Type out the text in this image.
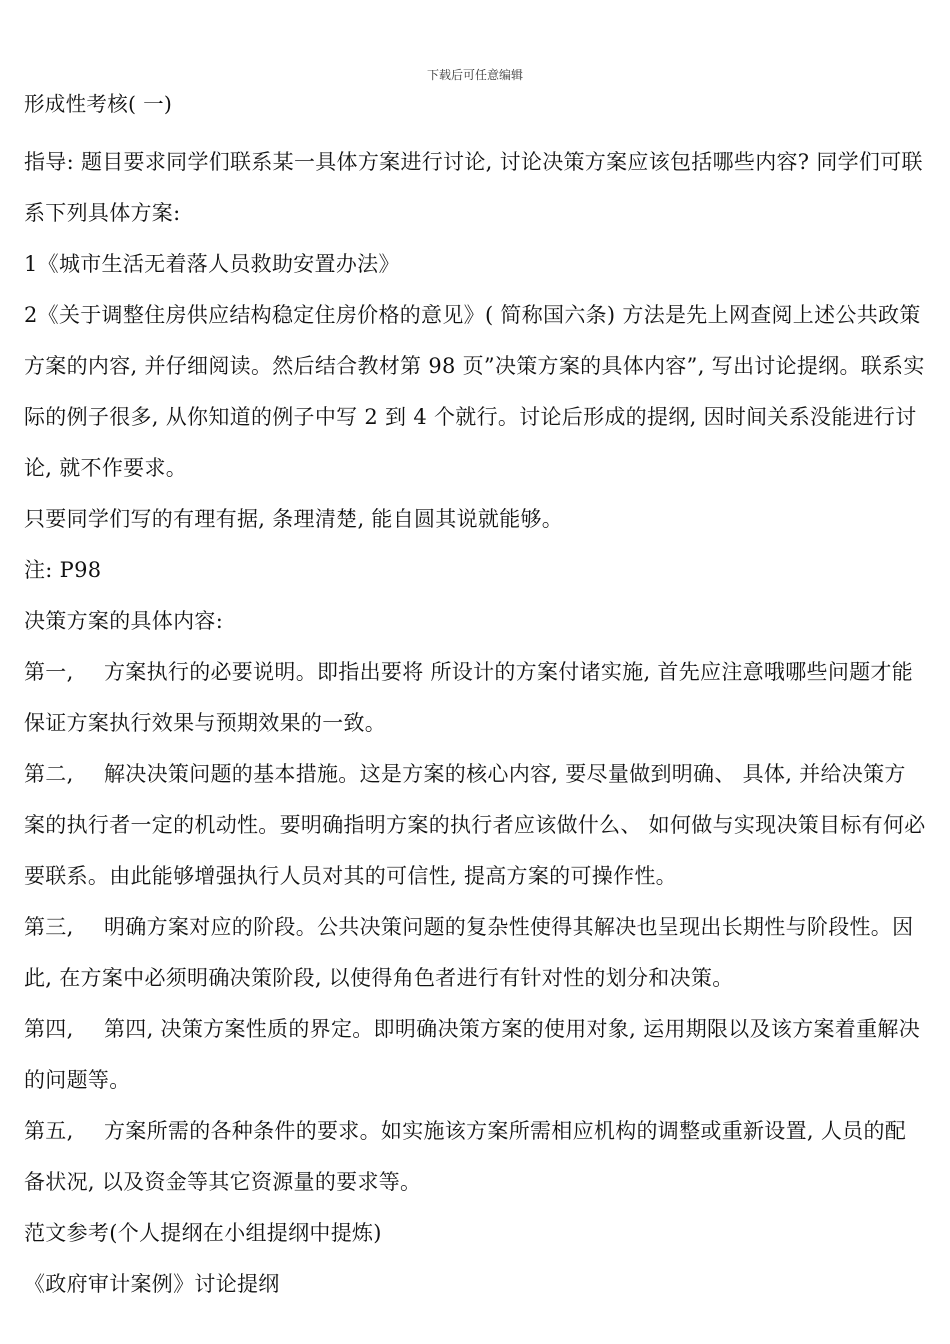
下载后可任意编辑

形成性考核( 一)

指导: 题目要求同学们联系某一具体方案进行讨论, 讨论决策方案应该包括哪些内容? 同学们可联系下列具体方案:

1《城市生活无着落人员救助安置办法》

2《关于调整住房供应结构稳定住房价格的意见》( 简称国六条) 方法是先上网查阅上述公共政策方案的内容, 并仔细阅读。然后结合教材第 98 页”决策方案的具体内容”, 写出讨论提纲。联系实际的例子很多, 从你知道的例子中写 2 到 4 个就行。讨论后形成的提纲, 因时间关系没能进行讨论, 就不作要求。

只要同学们写的有理有据, 条理清楚, 能自圆其说就能够。

注: P98

决策方案的具体内容:

第一, 方案执行的必要说明。即指出要将 所设计的方案付诸实施, 首先应注意哦哪些问题才能保证方案执行效果与预期效果的一致。

第二, 解决决策问题的基本措施。这是方案的核心内容, 要尽量做到明确、 具体, 并给决策方案的执行者一定的机动性。要明确指明方案的执行者应该做什么、 如何做与实现决策目标有何必要联系。由此能够增强执行人员对其的可信性, 提高方案的可操作性。

第三, 明确方案对应的阶段。公共决策问题的复杂性使得其解决也呈现出长期性与阶段性。因此, 在方案中必须明确决策阶段, 以使得角色者进行有针对性的划分和决策。

第四, 第四, 决策方案性质的界定。即明确决策方案的使用对象, 运用期限以及该方案着重解决的问题等。

第五, 方案所需的各种条件的要求。如实施该方案所需相应机构的调整或重新设置, 人员的配备状况, 以及资金等其它资源量的要求等。

范文参考(个人提纲在小组提纲中提炼)

《政府审计案例》讨论提纲
